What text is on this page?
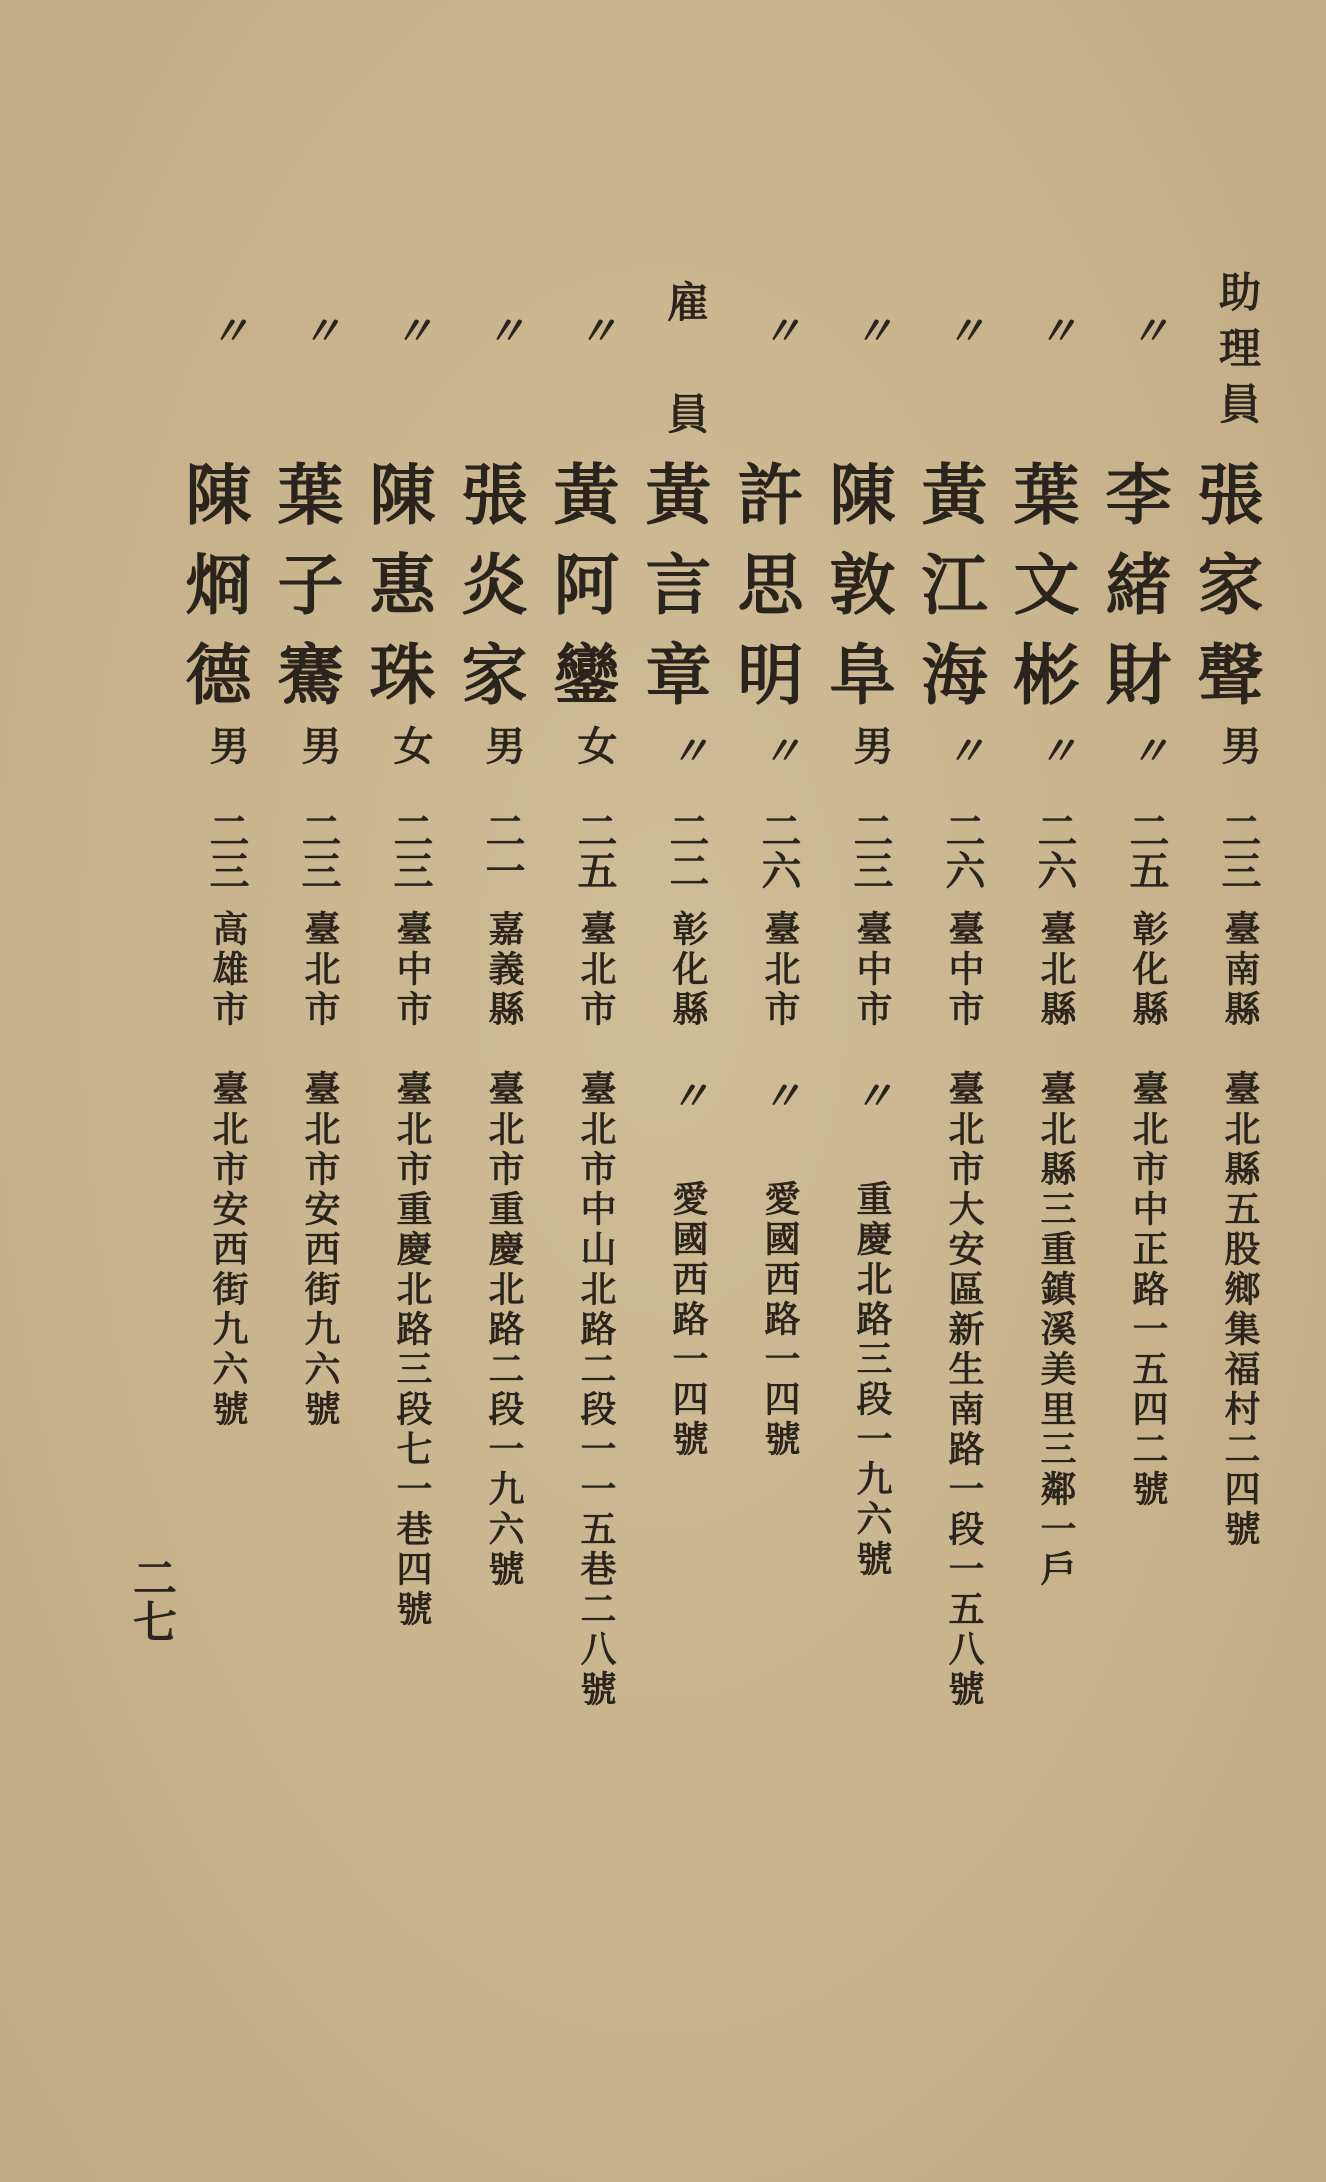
助理員
張家聲
男
二三
臺南縣
臺北縣五股鄉集福村二四號
〃
李緒財
〃
二五
彰化縣
臺北市中正路一五四二號
〃
葉文彬
〃
二六
臺北縣
臺北縣三重鎮溪美里三鄰一戶
〃
黃江海
〃
二六
臺中市
臺北市大安區新生南路一段一五八號
〃
陳敦阜
男
二三
臺中市
〃
重慶北路三段一九六號
〃
許思明
〃
二六
臺北市
〃
愛國西路一四號
雇　員
黃言章
〃
二二
彰化縣
〃
愛國西路一四號
〃
黃阿鑾
女
二五
臺北市
臺北市中山北路二段一一五巷二八號
〃
張炎家
男
二一
嘉義縣
臺北市重慶北路二段一九六號
〃
陳惠珠
女
二三
臺中市
臺北市重慶北路三段七一巷四號
〃
葉子騫
男
二三
臺北市
臺北市安西街九六號
〃
陳烱德
男
二三
高雄市
臺北市安西街九六號
二七
